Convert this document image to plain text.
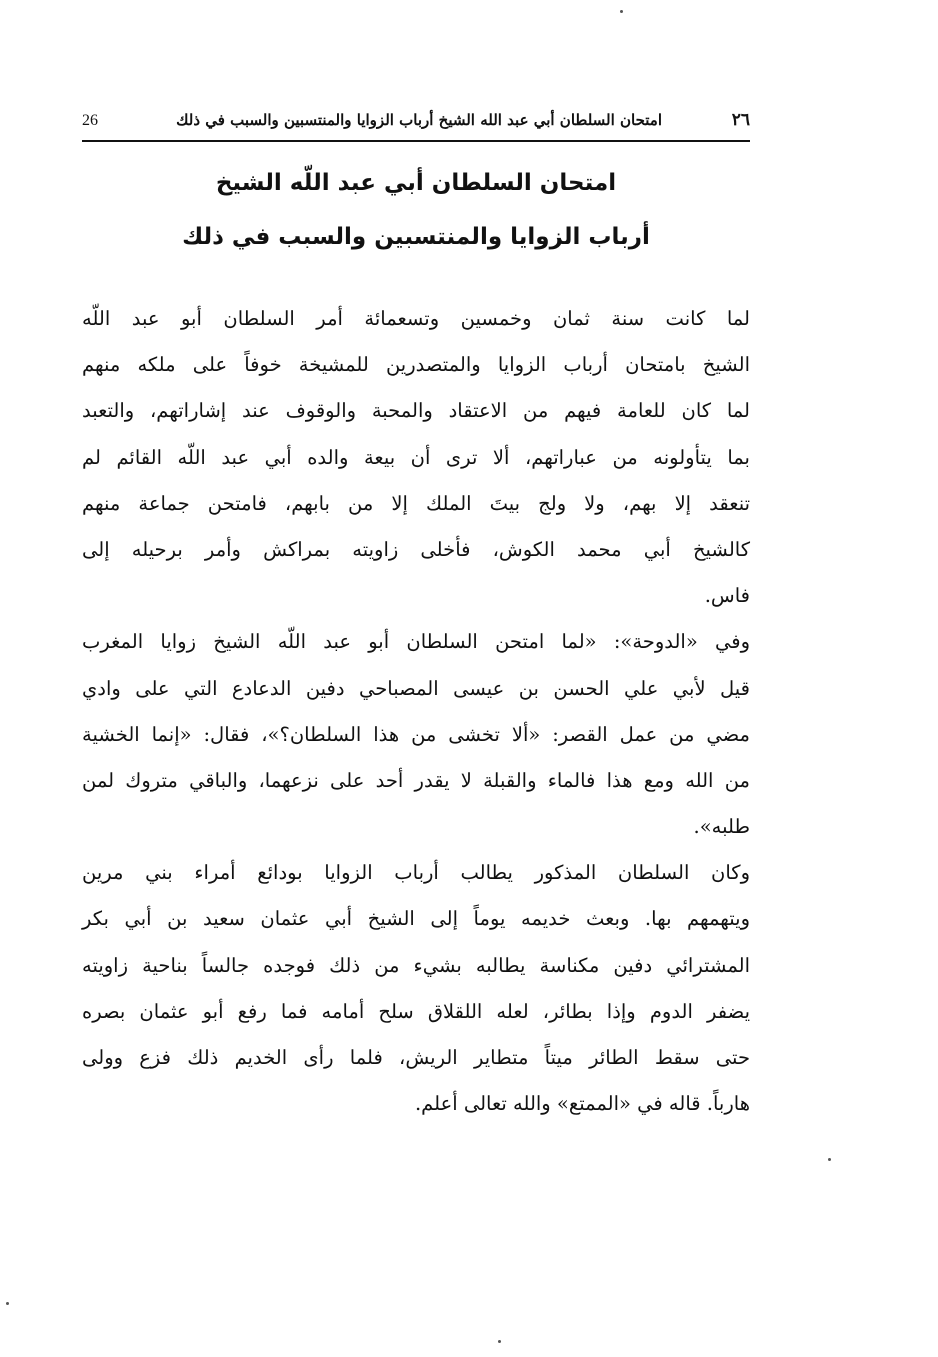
٢٦
امتحان السلطان أبي عبد الله الشيخ أرباب الزوايا والمنتسبين والسبب في ذلك
26
امتحان السلطان أبي عبد اللّه الشيخ
أرباب الزوايا والمنتسبين والسبب في ذلك
لما كانت سنة ثمان وخمسين وتسعمائة أمر السلطان أبو عبد اللّه
الشيخ بامتحان أرباب الزوايا والمتصدرين للمشيخة خوفاً على ملكه منهم
لما كان للعامة فيهم من الاعتقاد والمحبة والوقوف عند إشاراتهم، والتعبد
بما يتأولونه من عباراتهم، ألا ترى أن بيعة والده أبي عبد اللّه القائم لم
تنعقد إلا بهم، ولا ولج بيتَ الملك إلا من بابهم، فامتحن جماعة منهم
كالشيخ أبي محمد الكوش، فأخلى زاويته بمراكش وأمر برحيله إلى
فاس.
وفي «الدوحة»: «لما امتحن السلطان أبو عبد اللّه الشيخ زوايا المغرب
قيل لأبي علي الحسن بن عيسى المصباحي دفين الدعادع التي على وادي
مضي من عمل القصر: «ألا تخشى من هذا السلطان؟»، فقال: «إنما الخشية
من الله ومع هذا فالماء والقبلة لا يقدر أحد على نزعهما، والباقي متروك لمن
طلبه».
وكان السلطان المذكور يطالب أرباب الزوايا بودائع أمراء بني مرين
ويتهمهم بها. وبعث خديمه يوماً إلى الشيخ أبي عثمان سعيد بن أبي بكر
المشترائي دفين مكناسة يطالبه بشيء من ذلك فوجده جالساً بناحية زاويته
يضفر الدوم وإذا بطائر، لعله اللقلاق سلح أمامه فما رفع أبو عثمان بصره
حتى سقط الطائر ميتاً متطاير الريش، فلما رأى الخديم ذلك فزع وولى
هارباً. قاله في «الممتع» والله تعالى أعلم.
